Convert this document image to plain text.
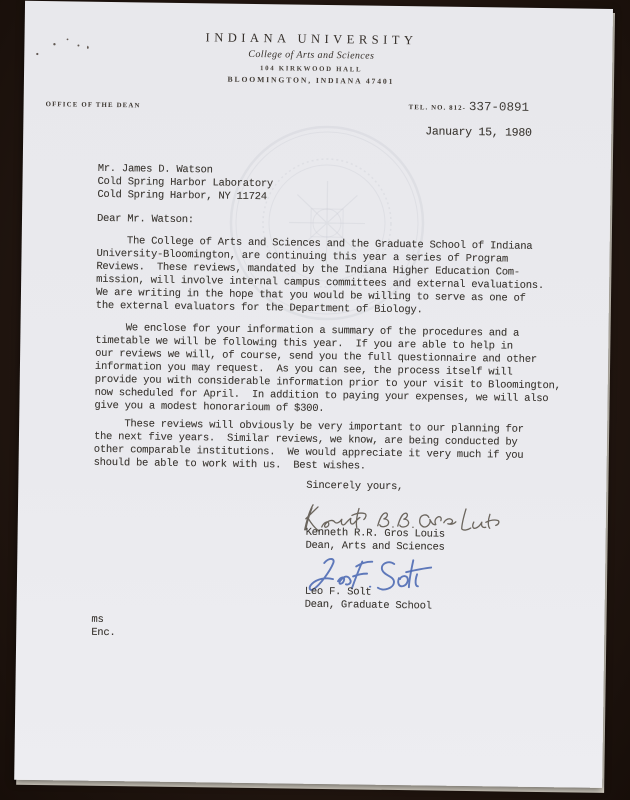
INDIANA UNIVERSITY
College of Arts and Sciences
104 KIRKWOOD HALL
BLOOMINGTON, INDIANA 47401
OFFICE OF THE DEAN	TEL. NO. 812- 337-0891
January 15, 1980
Mr. James D. Watson
Cold Spring Harbor Laboratory
Cold Spring Harbor, NY 11724
Dear Mr. Watson:
The College of Arts and Sciences and the Graduate School of Indiana
University-Bloomington, are continuing this year a series of Program
Reviews.  These reviews, mandated by the Indiana Higher Education Com-
mission, will involve internal campus committees and external evaluations.
We are writing in the hope that you would be willing to serve as one of
the external evaluators for the Department of Biology.
We enclose for your information a summary of the procedures and a
timetable we will be following this year.  If you are able to help in
our reviews we will, of course, send you the full questionnaire and other
information you may request.  As you can see, the process itself will
provide you with considerable information prior to your visit to Bloomington,
now scheduled for April.  In addition to paying your expenses, we will also
give you a modest honorarioum of $300.
These reviews will obviously be very important to our planning for
the next five years.  Similar reviews, we know, are being conducted by
other comparable institutions.  We would appreciate it very much if you
should be able to work with us.  Best wishes.
Sincerely yours,
Kenneth R.R. Gros Louis
Dean, Arts and Sciences
Leo F. Solt
Dean, Graduate School
ms
Enc.
